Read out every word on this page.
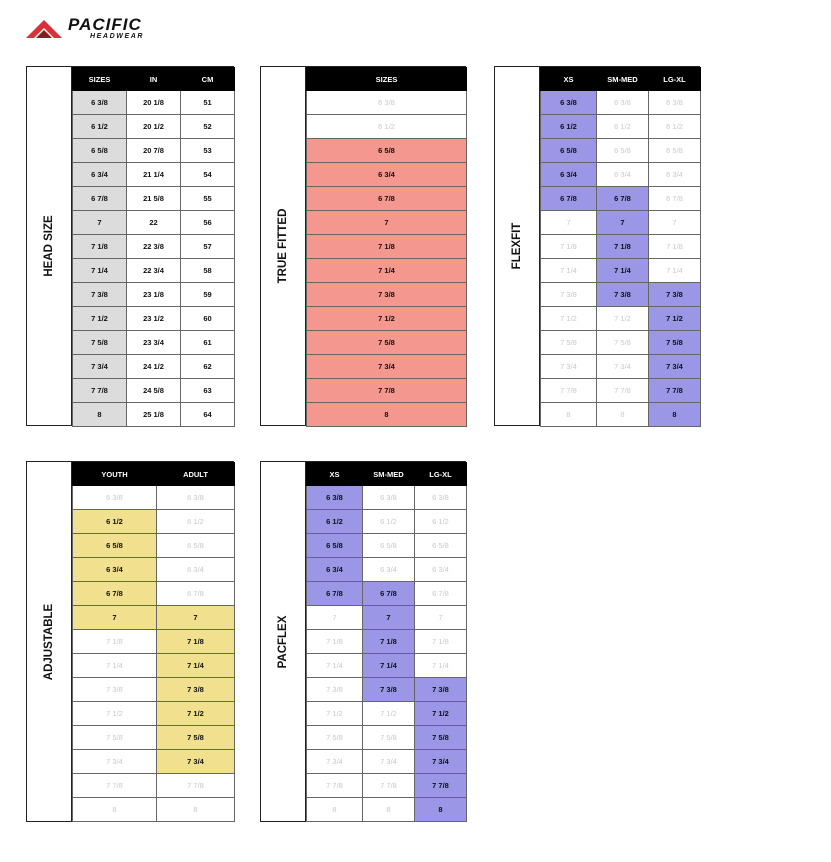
PACIFIC
HEADWEAR
HEAD SIZE
SIZES	IN	CM
6 3/8	20 1/8	51
6 1/2	20 1/2	52
6 5/8	20 7/8	53
6 3/4	21 1/4	54
6 7/8	21 5/8	55
7	22	56
7 1/8	22 3/8	57
7 1/4	22 3/4	58
7 3/8	23 1/8	59
7 1/2	23 1/2	60
7 5/8	23 3/4	61
7 3/4	24 1/2	62
7 7/8	24 5/8	63
8	25 1/8	64
TRUE FITTED
SIZES
6 3/8
6 1/2
6 5/8
6 3/4
6 7/8
7
7 1/8
7 1/4
7 3/8
7 1/2
7 5/8
7 3/4
7 7/8
8
FLEXFIT
XS	SM-MED	LG-XL
6 3/8	6 3/8	6 3/8
6 1/2	6 1/2	6 1/2
6 5/8	6 5/8	6 5/8
6 3/4	6 3/4	6 3/4
6 7/8	6 7/8	6 7/8
7	7	7
7 1/8	7 1/8	7 1/8
7 1/4	7 1/4	7 1/4
7 3/8	7 3/8	7 3/8
7 1/2	7 1/2	7 1/2
7 5/8	7 5/8	7 5/8
7 3/4	7 3/4	7 3/4
7 7/8	7 7/8	7 7/8
8	8	8
ADJUSTABLE
YOUTH	ADULT
6 3/8	6 3/8
6 1/2	6 1/2
6 5/8	6 5/8
6 3/4	6 3/4
6 7/8	6 7/8
7	7
7 1/8	7 1/8
7 1/4	7 1/4
7 3/8	7 3/8
7 1/2	7 1/2
7 5/8	7 5/8
7 3/4	7 3/4
7 7/8	7 7/8
8	8
PACFLEX
XS	SM-MED	LG-XL
6 3/8	6 3/8	6 3/8
6 1/2	6 1/2	6 1/2
6 5/8	6 5/8	6 5/8
6 3/4	6 3/4	6 3/4
6 7/8	6 7/8	6 7/8
7	7	7
7 1/8	7 1/8	7 1/8
7 1/4	7 1/4	7 1/4
7 3/8	7 3/8	7 3/8
7 1/2	7 1/2	7 1/2
7 5/8	7 5/8	7 5/8
7 3/4	7 3/4	7 3/4
7 7/8	7 7/8	7 7/8
8	8	8
